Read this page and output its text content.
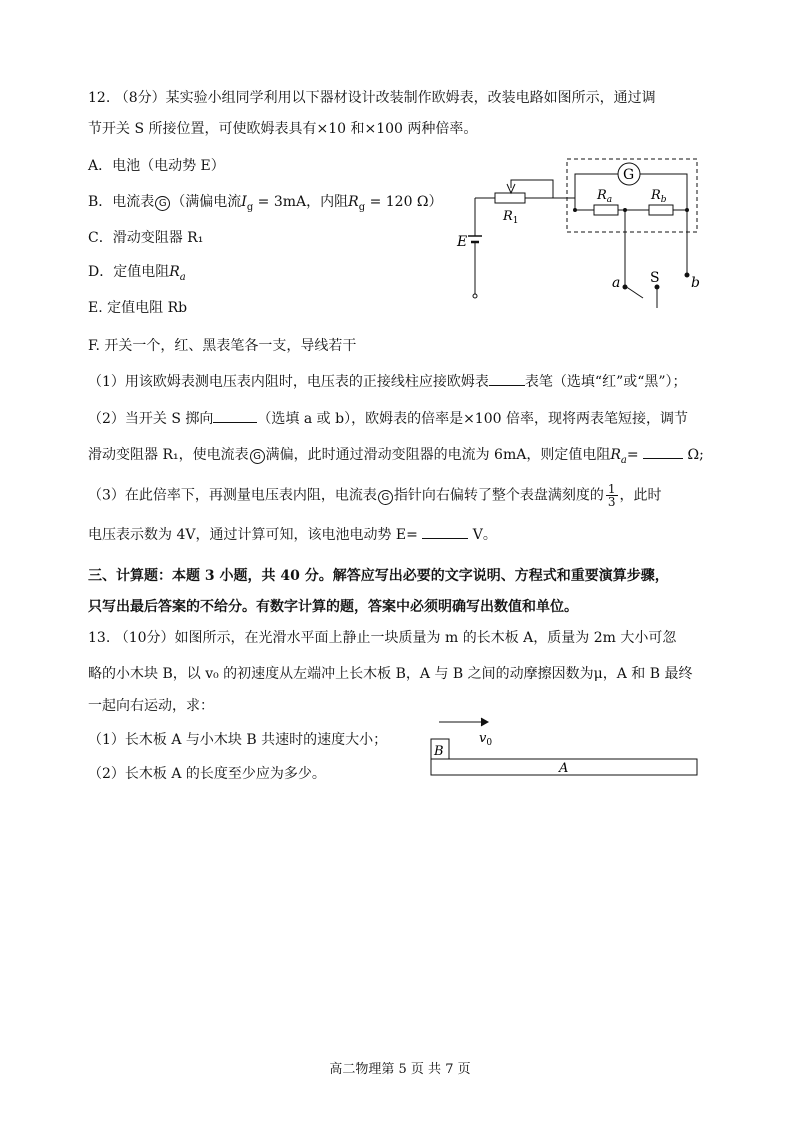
12. （8分）某实验小组同学利用以下器材设计改装制作欧姆表，改装电路如图所示，通过调
节开关 S 所接位置，可使欧姆表具有×10 和×100 两种倍率。
A．电池（电动势 E）
B．电流表 G （满偏电流$I_g = 3mA$，内阻$R_g = 120$ Ω）
C．滑动变阻器 R₁
D．定值电阻$R_a$
E. 定值电阻 Rb
F. 开关一个，红、黑表笔各一支，导线若干
（1）用该欧姆表测电压表内阻时，电压表的正接线柱应接欧姆表	表笔（选填“红”或“黑”）；
（2）当开关 S 掷向	（选填 a 或 b），欧姆表的倍率是×100 倍率，现将两表笔短接，调节
滑动变阻器 R₁，使电流表 G 满偏，此时通过滑动变阻器的电流为 6mA，则定值电阻$R_a=$	Ω;
（3）在此倍率下，再测量电压表内阻，电流表 G 指针向右偏转了整个表盘满刻度的 $\frac{1}{3}$ ，此时
电压表示数为 4V，通过计算可知，该电池电动势 E=	V。
G
$R_1$
$R_a$	$R_b$
E
a S b
三、计算题：本题 3 小题，共 40 分。解答应写出必要的文字说明、方程式和重要演算步骤，
只写出最后答案的不给分。有数字计算的题，答案中必须明确写出数值和单位。
13. （10分）如图所示，在光滑水平面上静止一块质量为 m 的长木板 A，质量为 2m 大小可忽
略的小木块 B，以 v₀ 的初速度从左端冲上长木板 B，A 与 B 之间的动摩擦因数为μ，A 和 B 最终
一起向右运动，求：
（1）长木板 A 与小木块 B 共速时的速度大小；
（2）长木板 A 的长度至少应为多少。
$v_0$
B
A
高二物理第 5 页 共 7 页
